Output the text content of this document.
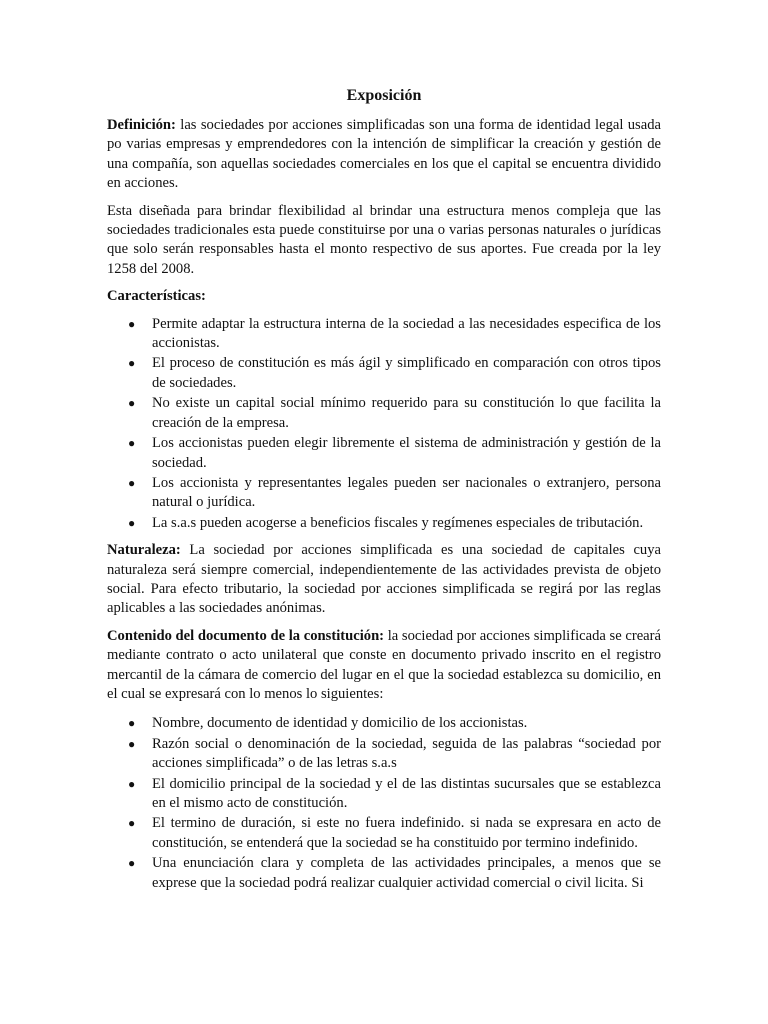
Exposición

Definición: las sociedades por acciones simplificadas son una forma de identidad legal usada po varias empresas y emprendedores con la intención de simplificar la creación y gestión de una compañía, son aquellas sociedades comerciales en los que el capital se encuentra dividido en acciones.

Esta diseñada para brindar flexibilidad al brindar una estructura menos compleja que las sociedades tradicionales esta puede constituirse por una o varias personas naturales o jurídicas que solo serán responsables hasta el monto respectivo de sus aportes. Fue creada por la ley 1258 del 2008.

Características:
● Permite adaptar la estructura interna de la sociedad a las necesidades especifica de los accionistas.
● El proceso de constitución es más ágil y simplificado en comparación con otros tipos de sociedades.
● No existe un capital social mínimo requerido para su constitución lo que facilita la creación de la empresa.
● Los accionistas pueden elegir libremente el sistema de administración y gestión de la sociedad.
● Los accionista y representantes legales pueden ser nacionales o extranjero, persona natural o jurídica.
● La s.a.s pueden acogerse a beneficios fiscales y regímenes especiales de tributación.

Naturaleza: La sociedad por acciones simplificada es una sociedad de capitales cuya naturaleza será siempre comercial, independientemente de las actividades prevista de objeto social. Para efecto tributario, la sociedad por acciones simplificada se regirá por las reglas aplicables a las sociedades anónimas.

Contenido del documento de la constitución: la sociedad por acciones simplificada se creará mediante contrato o acto unilateral que conste en documento privado inscrito en el registro mercantil de la cámara de comercio del lugar en el que la sociedad establezca su domicilio, en el cual se expresará con lo menos lo siguientes:

● Nombre, documento de identidad y domicilio de los accionistas.
● Razón social o denominación de la sociedad, seguida de las palabras “sociedad por acciones simplificada” o de las letras s.a.s
● El domicilio principal de la sociedad y el de las distintas sucursales que se establezca en el mismo acto de constitución.
● El termino de duración, si este no fuera indefinido. si nada se expresara en acto de constitución, se entenderá que la sociedad se ha constituido por termino indefinido.
● Una enunciación clara y completa de las actividades principales, a menos que se exprese que la sociedad podrá realizar cualquier actividad comercial o civil licita. Si
